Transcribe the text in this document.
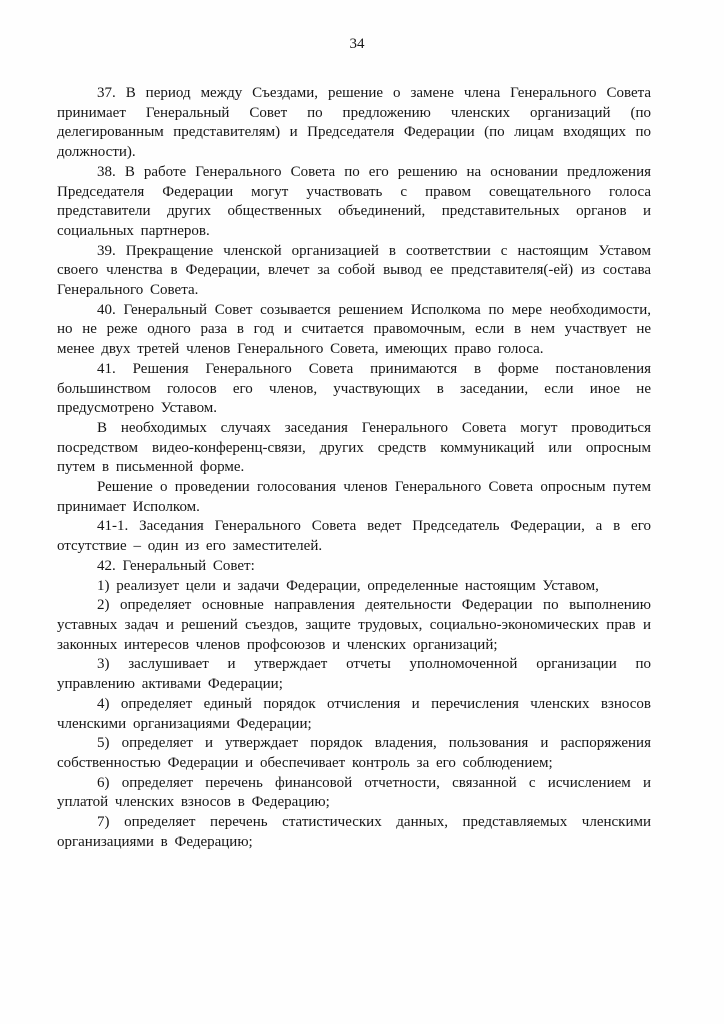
34

37. В период между Съездами, решение о замене члена Генерального Совета принимает Генеральный Совет по предложению членских организаций (по делегированным представителям) и Председателя Федерации (по лицам входящих по должности).

38. В работе Генерального Совета по его решению на основании предложения Председателя Федерации могут участвовать с правом совещательного голоса представители других общественных объединений, представительных органов и социальных партнеров.

39. Прекращение членской организацией в соответствии с настоящим Уставом своего членства в Федерации, влечет за собой вывод ее представителя(-ей) из состава Генерального Совета.

40. Генеральный Совет созывается решением Исполкома по мере необходимости, но не реже одного раза в год и считается правомочным, если в нем участвует не менее двух третей членов Генерального Совета, имеющих право голоса.

41. Решения Генерального Совета принимаются в форме постановления большинством голосов его членов, участвующих в заседании, если иное не предусмотрено Уставом.

В необходимых случаях заседания Генерального Совета могут проводиться посредством видео-конференц-связи, других средств коммуникаций или опросным путем в письменной форме.

Решение о проведении голосования членов Генерального Совета опросным путем принимает Исполком.

41-1. Заседания Генерального Совета ведет Председатель Федерации, а в его отсутствие – один из его заместителей.

42. Генеральный Совет:

1) реализует цели и задачи Федерации, определенные настоящим Уставом,

2) определяет основные направления деятельности Федерации по выполнению уставных задач и решений съездов, защите трудовых, социально-экономических прав и законных интересов членов профсоюзов и членских организаций;

3) заслушивает и утверждает отчеты уполномоченной организации по управлению активами Федерации;

4) определяет единый порядок отчисления и перечисления членских взносов членскими организациями Федерации;

5) определяет и утверждает порядок владения, пользования и распоряжения собственностью Федерации и обеспечивает контроль за его соблюдением;

6) определяет перечень финансовой отчетности, связанной с исчислением и уплатой членских взносов в Федерацию;

7) определяет перечень статистических данных, представляемых членскими организациями в Федерацию;
